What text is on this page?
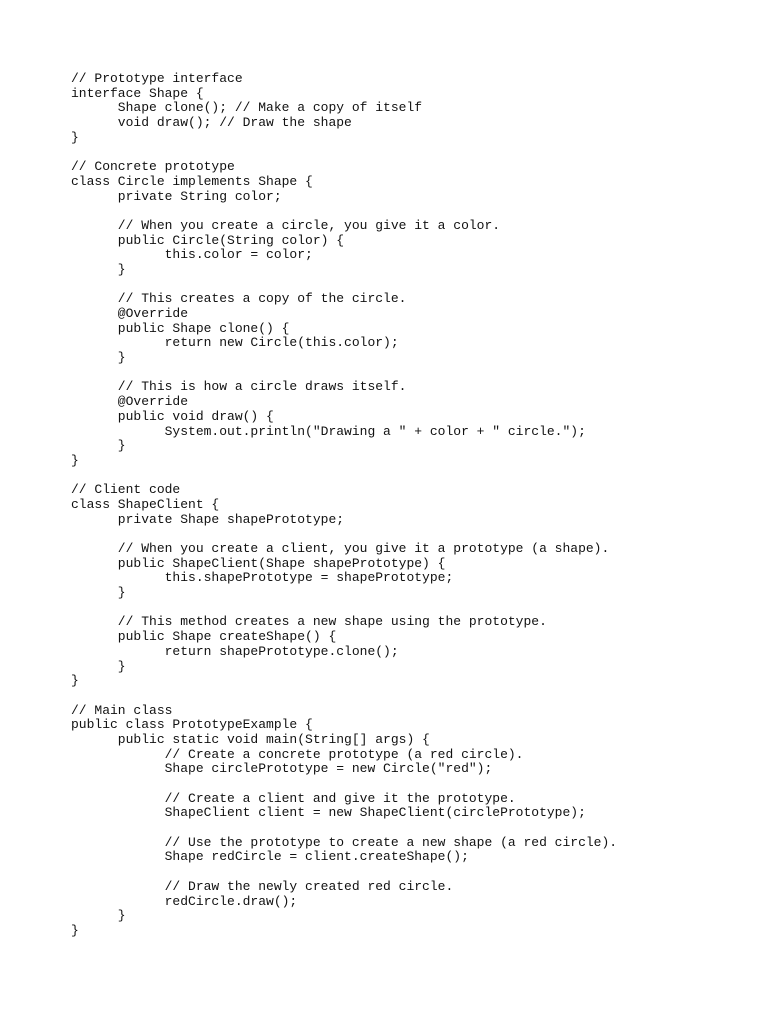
// Prototype interface
interface Shape {
Shape clone(); // Make a copy of itself
void draw(); // Draw the shape
}
// Concrete prototype
class Circle implements Shape {
private String color;
// When you create a circle, you give it a color.
public Circle(String color) {
this.color = color;
}
// This creates a copy of the circle.
@Override
public Shape clone() {
return new Circle(this.color);
}
// This is how a circle draws itself.
@Override
public void draw() {
System.out.println("Drawing a " + color + " circle.");
}
}
// Client code
class ShapeClient {
private Shape shapePrototype;
// When you create a client, you give it a prototype (a shape).
public ShapeClient(Shape shapePrototype) {
this.shapePrototype = shapePrototype;
}
// This method creates a new shape using the prototype.
public Shape createShape() {
return shapePrototype.clone();
}
}
// Main class
public class PrototypeExample {
public static void main(String[] args) {
// Create a concrete prototype (a red circle).
Shape circlePrototype = new Circle("red");
// Create a client and give it the prototype.
ShapeClient client = new ShapeClient(circlePrototype);
// Use the prototype to create a new shape (a red circle).
Shape redCircle = client.createShape();
// Draw the newly created red circle.
redCircle.draw();
}
}
